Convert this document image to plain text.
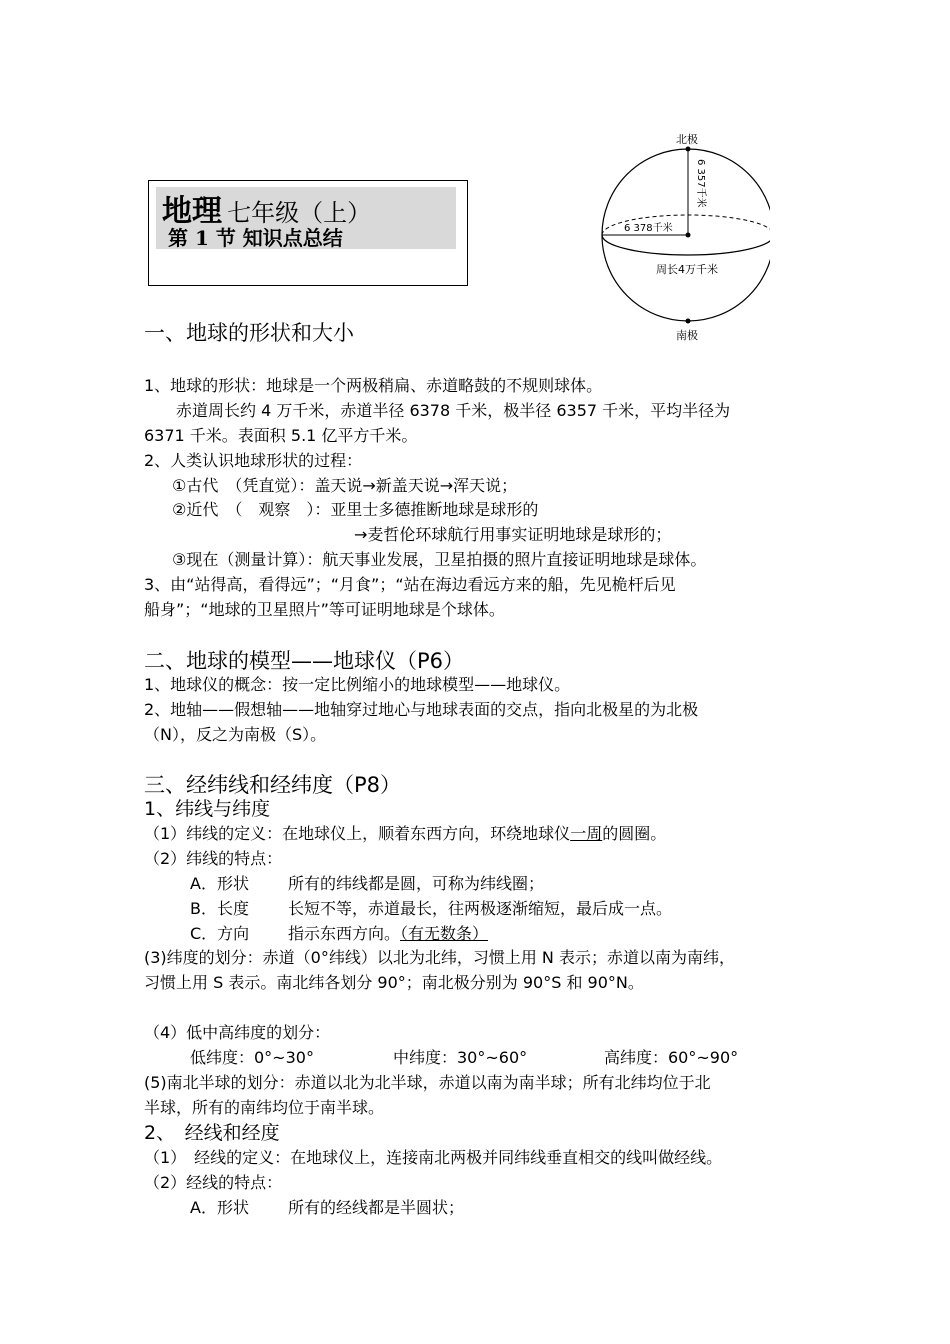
地理 七年级（上）
第 1 节 知识点总结
北极
南极
6 357千米
6 378千米
周长4万千米
一、地球的形状和大小
1、地球的形状：地球是一个两极稍扁、赤道略鼓的不规则球体。
赤道周长约 4 万千米，赤道半径 6378 千米，极半径 6357 千米，平均半径为
6371 千米。表面积 5.1 亿平方千米。
2、人类认识地球形状的过程：
①古代　（凭直觉）：盖天说→新盖天说→浑天说；
②近代　（　观察　）：亚里士多德推断地球是球形的
→麦哲伦环球航行用事实证明地球是球形的；
③现在（测量计算）：航天事业发展，卫星拍摄的照片直接证明地球是球体。
3、由“站得高，看得远”；“月食”；“站在海边看远方来的船，先见桅杆后见
船身”；“地球的卫星照片”等可证明地球是个球体。
二、地球的模型——地球仪（P6）
1、地球仪的概念：按一定比例缩小的地球模型——地球仪。
2、地轴——假想轴——地轴穿过地心与地球表面的交点，指向北极星的为北极
（N），反之为南极（S）。
三、经纬线和经纬度（P8）
1、纬线与纬度
（1）纬线的定义：在地球仪上，顺着东西方向，环绕地球仪一周的圆圈。
（2）纬线的特点：
A．形状 所有的纬线都是圆，可称为纬线圈；
B．长度 长短不等，赤道最长，往两极逐渐缩短，最后成一点。
C．方向 指示东西方向。（有无数条）
(3)纬度的划分：赤道（0°纬线）以北为北纬，习惯上用 N 表示；赤道以南为南纬，
习惯上用 S 表示。南北纬各划分 90°；南北极分别为 90°S 和 90°N。
（4）低中高纬度的划分：
低纬度：0°~30°	中纬度：30°~60°	高纬度：60°~90°
(5)南北半球的划分：赤道以北为北半球，赤道以南为南半球；所有北纬均位于北
半球，所有的南纬均位于南半球。
2、　经线和经度
（1）　经线的定义：在地球仪上，连接南北两极并同纬线垂直相交的线叫做经线。
（2）经线的特点：
A．形状 所有的经线都是半圆状；
